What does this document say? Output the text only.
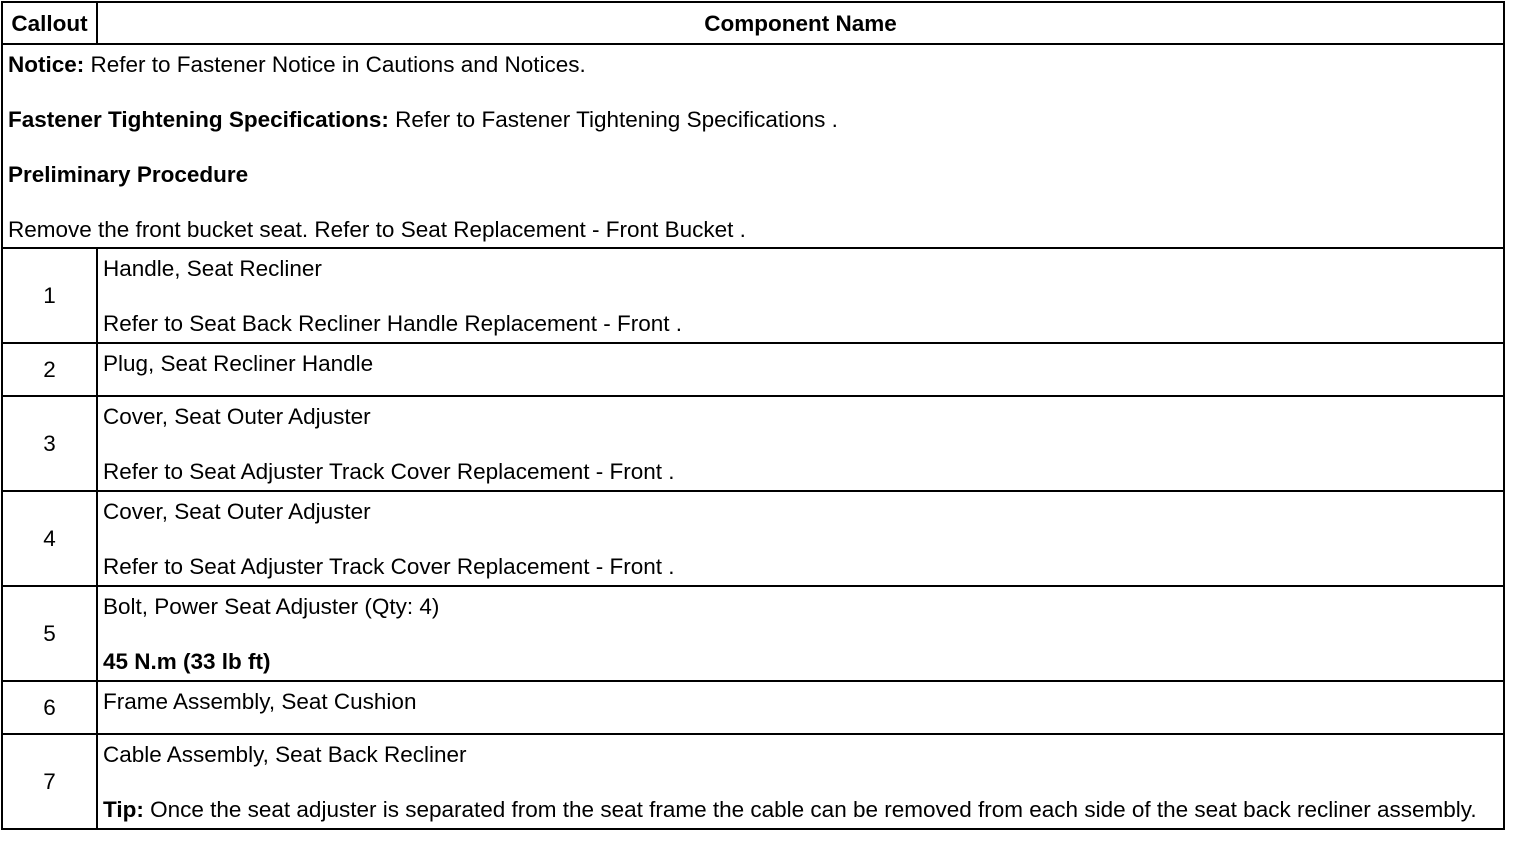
Callout	Component Name

Notice: Refer to Fastener Notice in Cautions and Notices.

Fastener Tightening Specifications: Refer to Fastener Tightening Specifications .

Preliminary Procedure

Remove the front bucket seat. Refer to Seat Replacement - Front Bucket .	

1	Handle, Seat Recliner

Refer to Seat Back Recliner Handle Replacement - Front .

2	Plug, Seat Recliner Handle

3	Cover, Seat Outer Adjuster

Refer to Seat Adjuster Track Cover Replacement - Front .

4	Cover, Seat Outer Adjuster

Refer to Seat Adjuster Track Cover Replacement - Front .

5	Bolt, Power Seat Adjuster (Qty: 4)

45 N.m (33 lb ft)

6	Frame Assembly, Seat Cushion

7	Cable Assembly, Seat Back Recliner

Tip: Once the seat adjuster is separated from the seat frame the cable can be removed from each side of the seat back recliner assembly.
